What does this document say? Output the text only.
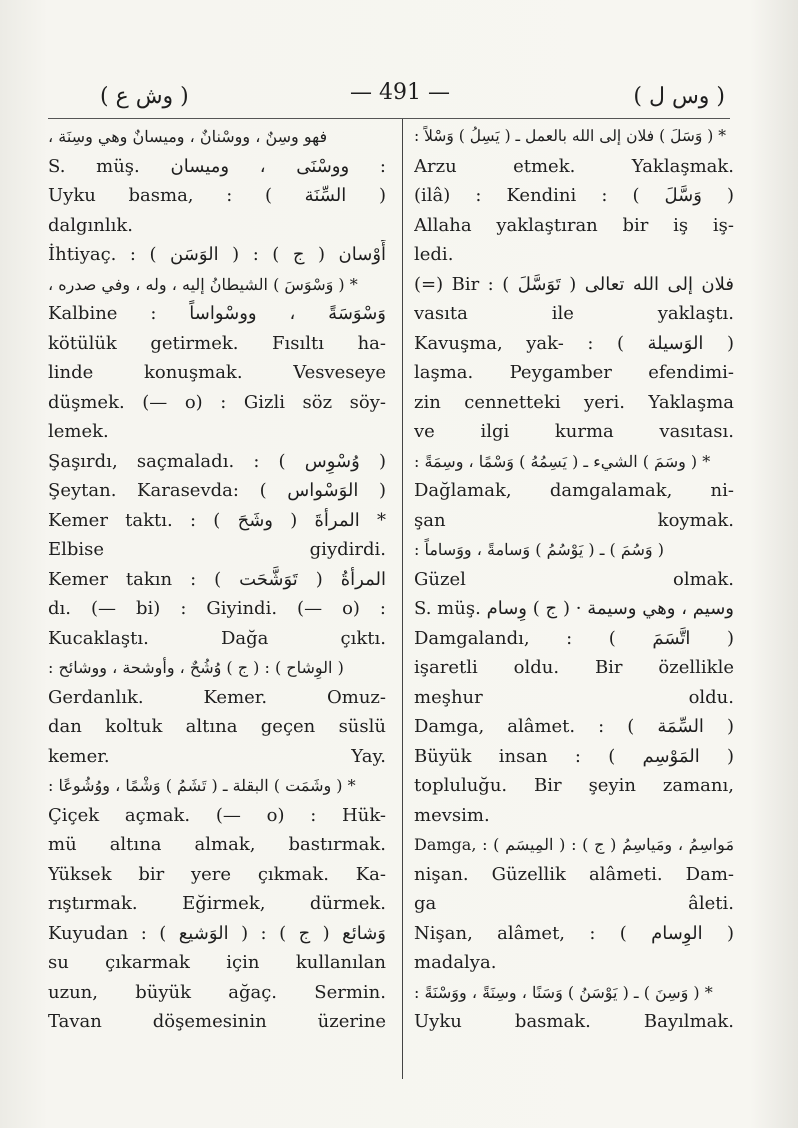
( وش ع )	— 491 —	( وس ل )
فهو وسِنٌ ، ووسْنانٌ ، وميسانٌ وهي وسِنَة ،
S. müş. ووسْنَى ، وميسان :
Uyku basma, : ( السِّنَة )
dalgınlık.
İhtiyaç. : ( الوَسَن ) : ( ج ) أَوْسان
* ( وَسْوَسَ ) الشيطانُ إليه ، وله ، وفي صدره ،
Kalbine : وَسْوَسَةً ، ووسْواساً
kötülük getirmek. Fısıltı ha-
linde konuşmak. Vesveseye
düşmek. (— o) : Gizli söz söy-
lemek.
Şaşırdı, saçmaladı. : ( وُسْوِس )
Şeytan. Karasevda: ( الوَسْواس )
Kemer taktı. : ( وشَحَ ) المرأةَ *
Elbise giydirdi.
Kemer takın : ( تَوَشَّحَت ) المرأةُ
dı. (— bi) : Giyindi. (— o) :
Kucaklaştı. Dağa çıktı.
( الوِشاح ) : ( ج ) وُشُحٌ ، وأوشحة ، ووشائح :
Gerdanlık. Kemer. Omuz-
dan koltuk altına geçen süslü
kemer. Yay.
* ( وشَمَت ) البقلة ـ ( تَشَمُ ) وَشْمًا ، ووُشُوعًا :
Çiçek açmak. (— o) : Hük-
mü altına almak, bastırmak.
Yüksek bir yere çıkmak. Ka-
rıştırmak. Eğirmek, dürmek.
Kuyudan : ( الوَشيع ) : ( ج ) وَشائع
su çıkarmak için kullanılan
uzun, büyük ağaç. Sermin.
Tavan döşemesinin üzerine
* ( وَسَلَ ) فلان إلى الله بالعمل ـ ( يَسِلُ ) وَسْلاً :
Arzu etmek. Yaklaşmak.
(ilâ) : Kendini : ( وَسَّلَ )
Allaha yaklaştıran bir iş iş-
ledi.
(=) Bir : ( تَوَسَّلَ ) فلان إلى الله تعالى
vasıta ile yaklaştı.
Kavuşma, yak- : ( الوَسيلة )
laşma. Peygamber efendimi-
zin cennetteki yeri. Yaklaşma
ve ilgi kurma vasıtası.
* ( وسَمَ ) الشيء ـ ( يَسِمُهُ ) وَسْمًا ، وسِمَةً :
Dağlamak, damgalamak, ni-
şan koymak.
( وَسُمَ ) ـ ( يَوْسُمُ ) وَسامةً ، ووَساماً :
Güzel olmak.
S. müş. وسيم ، وهي وسيمة · ( ج ) وِسام
Damgalandı, : ( اتَّسَمَ )
işaretli oldu. Bir özellikle
meşhur oldu.
Damga, alâmet. : ( السِّمَة )
Büyük insan : ( المَوْسِم )
topluluğu. Bir şeyin zamanı,
mevsim.
Damga, : ( المِيسَم ) : ( ج ) مَواسِمُ ، ومَياسِمُ
nişan. Güzellik alâmeti. Dam-
ga âleti.
Nişan, alâmet, : ( الوِسام )
madalya.
* ( وَسِنَ ) ـ ( يَوْسَنُ ) وَسَنًا ، وسِنَةً ، ووَسْنَةً :
Uyku basmak. Bayılmak.
